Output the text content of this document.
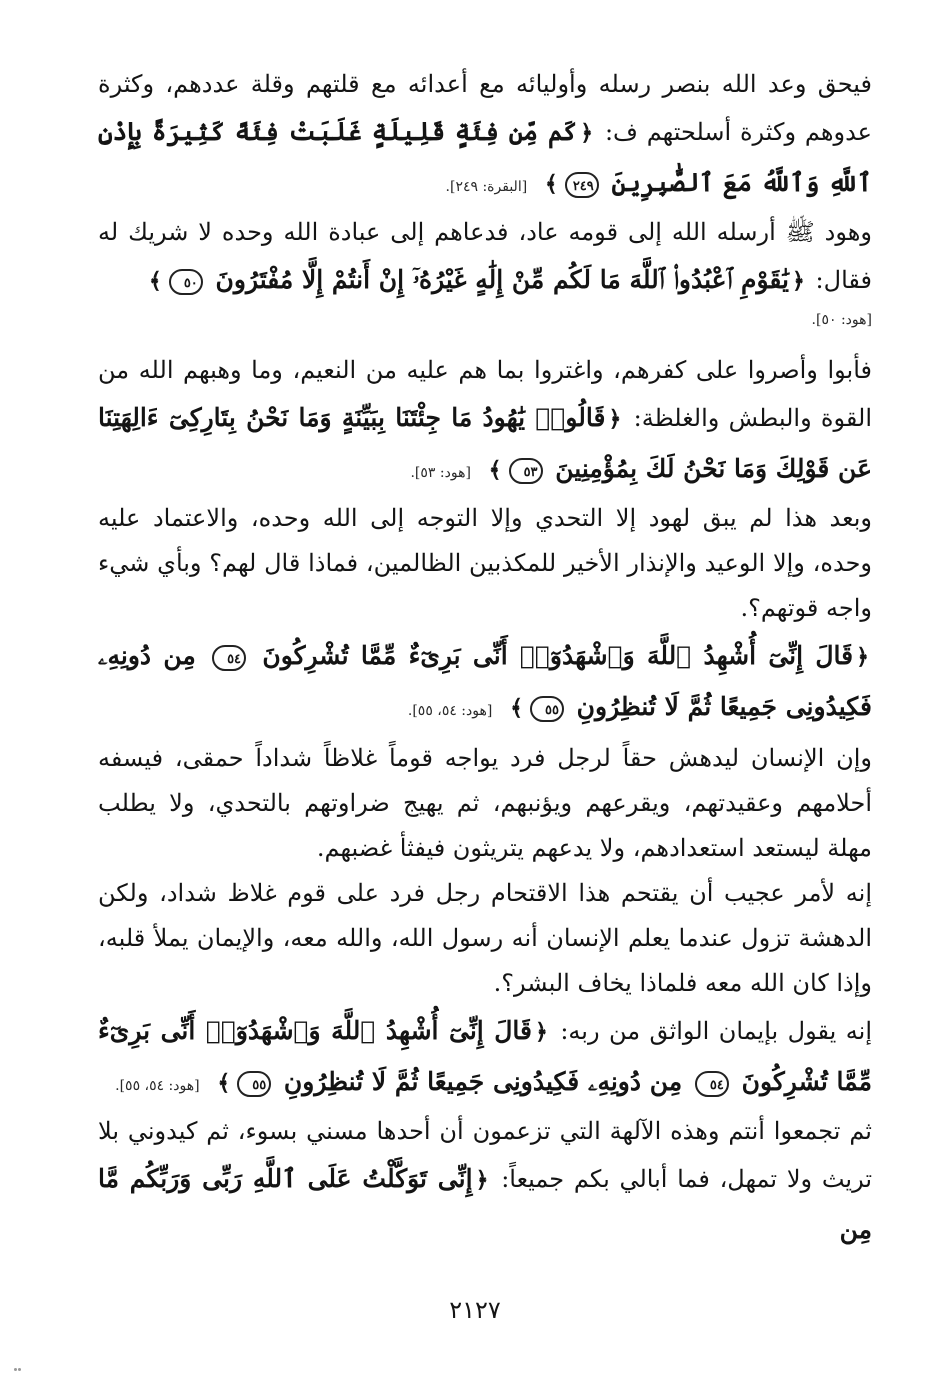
فيحق وعد الله بنصر رسله وأوليائه مع أعدائه مع قلتهم وقلة عددهم، وكثرة عدوهم وكثرة أسلحتهم ف: ﴿كَم مِّن فِئَةٍ قَلِيلَةٍ غَلَبَتْ فِئَةً كَثِيرَةً بِإِذْنِ ٱللَّهِ وَٱللَّهُ مَعَ ٱلصَّٰبِرِينَ ٢٤٩﴾ [البقرة: ٢٤٩].

وهود ﷺ أرسله الله إلى قومه عاد، فدعاهم إلى عبادة الله وحده لا شريك له فقال: ﴿يَٰقَوْمِ ٱعْبُدُوا۟ ٱللَّهَ مَا لَكُم مِّنْ إِلَٰهٍ غَيْرُهُۥٓ إِنْ أَنتُمْ إِلَّا مُفْتَرُونَ ٥٠﴾

[هود: ٥٠].

فأبوا وأصروا على كفرهم، واغتروا بما هم عليه من النعيم، وما وهبهم الله من القوة والبطش والغلظة: ﴿قَالُوا۟ يَٰهُودُ مَا جِئْتَنَا بِبَيِّنَةٍ وَمَا نَحْنُ بِتَارِكِىٓ ءَالِهَتِنَا عَن قَوْلِكَ وَمَا نَحْنُ لَكَ بِمُؤْمِنِينَ ٥٣﴾ [هود: ٥٣].

وبعد هذا لم يبق لهود إلا التحدي وإلا التوجه إلى الله وحده، والاعتماد عليه وحده، وإلا الوعيد والإنذار الأخير للمكذبين الظالمين، فماذا قال لهم؟ وبأي شيء واجه قوتهم؟.

﴿قَالَ إِنِّىٓ أُشْهِدُ ٱللَّهَ وَٱشْهَدُوٓا۟ أَنِّى بَرِىٓءٌ مِّمَّا تُشْرِكُونَ ٥٤ مِن دُونِهِۦ فَكِيدُونِى جَمِيعًا ثُمَّ لَا تُنظِرُونِ ٥٥﴾ [هود: ٥٤، ٥٥].

وإن الإنسان ليدهش حقاً لرجل فرد يواجه قوماً غلاظاً شداداً حمقى، فيسفه أحلامهم وعقيدتهم، ويقرعهم ويؤنبهم، ثم يهيج ضراوتهم بالتحدي، ولا يطلب مهلة ليستعد استعدادهم، ولا يدعهم يتريثون فيفثأ غضبهم.

إنه لأمر عجيب أن يقتحم هذا الاقتحام رجل فرد على قوم غلاظ شداد، ولكن الدهشة تزول عندما يعلم الإنسان أنه رسول الله، والله معه، والإيمان يملأ قلبه، وإذا كان الله معه فلماذا يخاف البشر؟.

إنه يقول بإيمان الواثق من ربه: ﴿قَالَ إِنِّىٓ أُشْهِدُ ٱللَّهَ وَٱشْهَدُوٓا۟ أَنِّى بَرِىٓءٌ مِّمَّا تُشْرِكُونَ ٥٤ مِن دُونِهِۦ فَكِيدُونِى جَمِيعًا ثُمَّ لَا تُنظِرُونِ ٥٥﴾ [هود: ٥٤، ٥٥].

ثم تجمعوا أنتم وهذه الآلهة التي تزعمون أن أحدها مسني بسوء، ثم كيدوني بلا تريث ولا تمهل، فما أبالي بكم جميعاً: ﴿إِنِّى تَوَكَّلْتُ عَلَى ٱللَّهِ رَبِّى وَرَبِّكُم مَّا مِن

٢١٢٧
